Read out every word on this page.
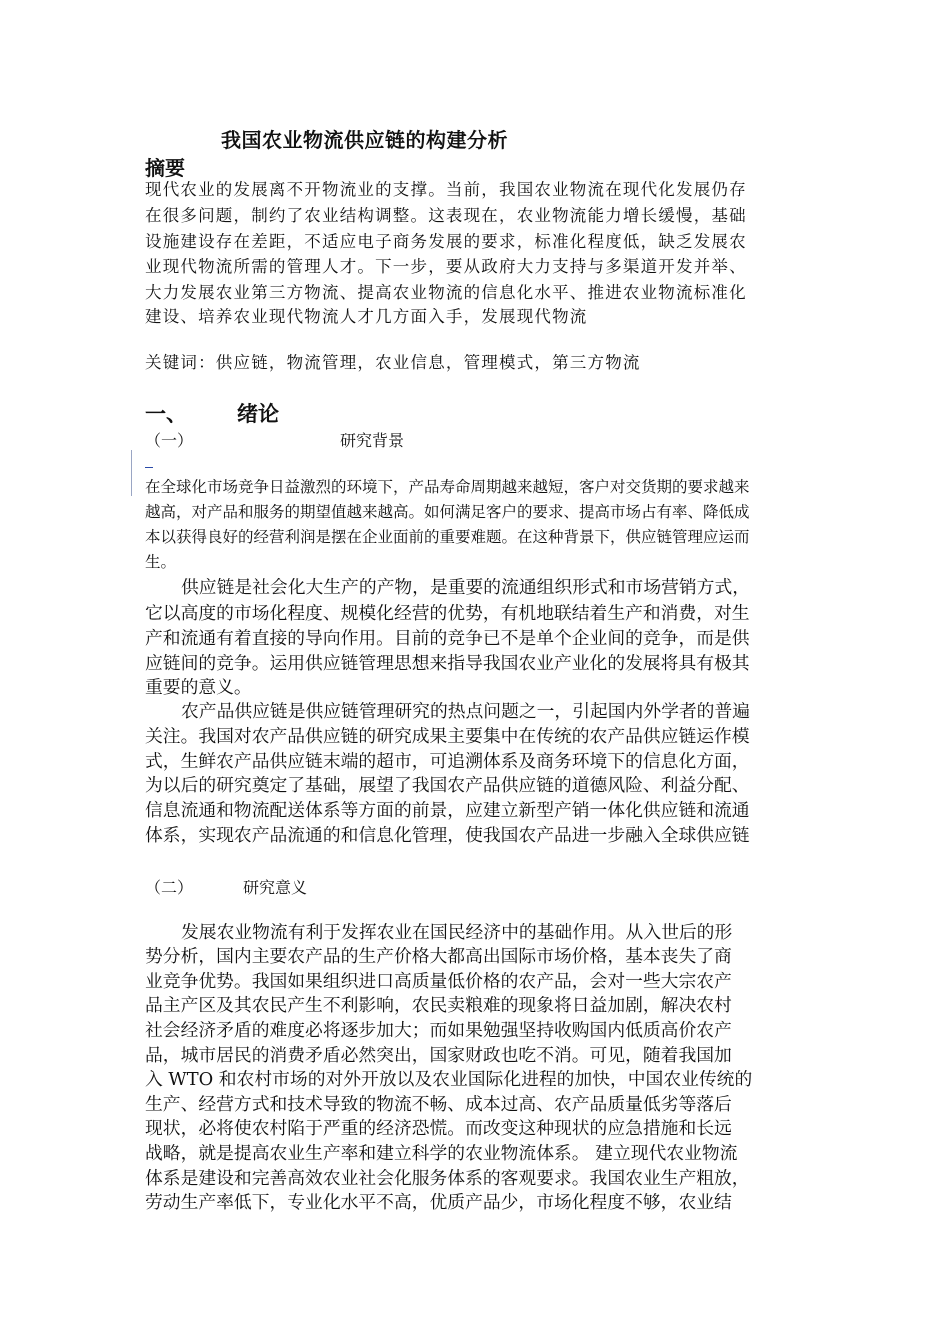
我国农业物流供应链的构建分析
摘要
现代农业的发展离不开物流业的支撑。当前，我国农业物流在现代化发展仍存
在很多问题，制约了农业结构调整。这表现在，农业物流能力增长缓慢，基础
设施建设存在差距，不适应电子商务发展的要求，标准化程度低，缺乏发展农
业现代物流所需的管理人才。下一步，要从政府大力支持与多渠道开发并举、
大力发展农业第三方物流、提高农业物流的信息化水平、推进农业物流标准化
建设、培养农业现代物流人才几方面入手，发展现代物流
关键词：供应链，物流管理，农业信息，管理模式，第三方物流
一、 绪论
（一）	研究背景
在全球化市场竞争日益激烈的环境下，产品寿命周期越来越短，客户对交货期的要求越来
越高，对产品和服务的期望值越来越高。如何满足客户的要求、提高市场占有率、降低成
本以获得良好的经营利润是摆在企业面前的重要难题。在这种背景下，供应链管理应运而
生。
供应链是社会化大生产的产物，是重要的流通组织形式和市场营销方式，
它以高度的市场化程度、规模化经营的优势，有机地联结着生产和消费，对生
产和流通有着直接的导向作用。目前的竞争已不是单个企业间的竞争，而是供
应链间的竞争。运用供应链管理思想来指导我国农业产业化的发展将具有极其
重要的意义。
农产品供应链是供应链管理研究的热点问题之一，引起国内外学者的普遍
关注。我国对农产品供应链的研究成果主要集中在传统的农产品供应链运作模
式，生鲜农产品供应链末端的超市，可追溯体系及商务环境下的信息化方面，
为以后的研究奠定了基础，展望了我国农产品供应链的道德风险、利益分配、
信息流通和物流配送体系等方面的前景，应建立新型产销一体化供应链和流通
体系，实现农产品流通的和信息化管理，使我国农产品进一步融入全球供应链
（二）	研究意义
发展农业物流有利于发挥农业在国民经济中的基础作用。从入世后的形
势分析，国内主要农产品的生产价格大都高出国际市场价格，基本丧失了商
业竞争优势。我国如果组织进口高质量低价格的农产品，会对一些大宗农产
品主产区及其农民产生不利影响，农民卖粮难的现象将日益加剧，解决农村
社会经济矛盾的难度必将逐步加大；而如果勉强坚持收购国内低质高价农产
品，城市居民的消费矛盾必然突出，国家财政也吃不消。可见，随着我国加
入 WTO 和农村市场的对外开放以及农业国际化进程的加快，中国农业传统的
生产、经营方式和技术导致的物流不畅、成本过高、农产品质量低劣等落后
现状，必将使农村陷于严重的经济恐慌。而改变这种现状的应急措施和长远
战略，就是提高农业生产率和建立科学的农业物流体系。 建立现代农业物流
体系是建设和完善高效农业社会化服务体系的客观要求。我国农业生产粗放，
劳动生产率低下，专业化水平不高，优质产品少，市场化程度不够，农业结
